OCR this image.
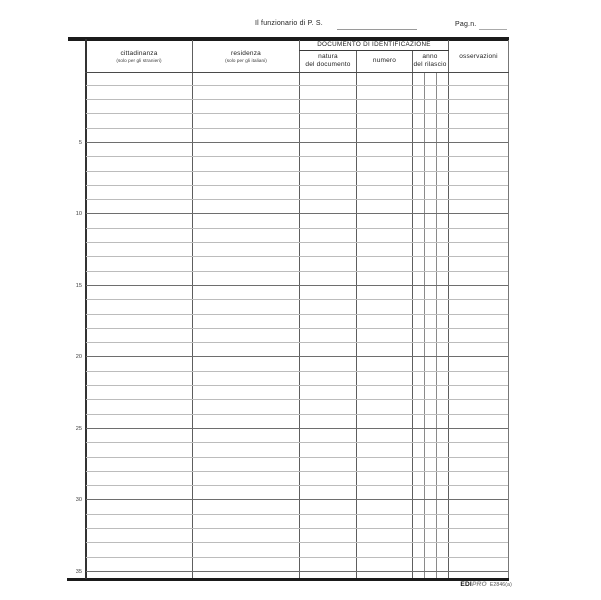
Il funzionario di P. S.	Pag.n.
cittadinanza
(solo per gli stranieri)
residenza
(solo per gli italiani)
DOCUMENTO DI IDENTIFICAZIONE
natura
del documento
numero
anno
del rilascio
osservazioni
EDI PRO E2846(a)
5
10
15
20
25
30
35
